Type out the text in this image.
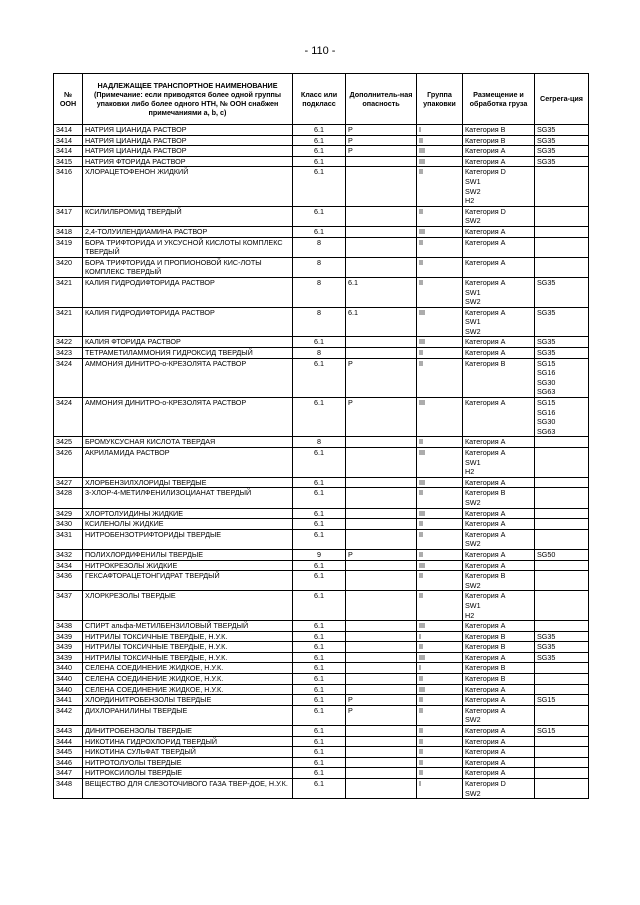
- 110 -
№ ООН	НАДЛЕЖАЩЕЕ ТРАНСПОРТНОЕ НАИМЕНОВАНИЕ
(Примечание: если приводятся более одной группы упаковки либо более одного НТН, № ООН снабжен примечаниями a, b, c)	Класс или подкласс	Дополнитель-ная опасность	Группа упаковки	Размещение и обработка груза	Сегрега-ция
3414	НАТРИЯ ЦИАНИДА РАСТВОР	6.1	P	I	Категория B	SG35

3414	НАТРИЯ ЦИАНИДА РАСТВОР	6.1	P	II	Категория B	SG35

3414	НАТРИЯ ЦИАНИДА РАСТВОР	6.1	P	III	Категория A	SG35

3415	НАТРИЯ ФТОРИДА РАСТВОР	6.1		III	Категория A	SG35

3416	ХЛОРАЦЕТОФЕНОН ЖИДКИЙ	6.1		II	Категория D
SW1
SW2
H2	

3417	КСИЛИЛБРОМИД ТВЕРДЫЙ	6.1		II	Категория D
SW2	

3418	2,4-ТОЛУИЛЕНДИАМИНА РАСТВОР	6.1		III	Категория A	

3419	БОРА ТРИФТОРИДА И УКСУСНОЙ КИСЛОТЫ КОМПЛЕКС ТВЕРДЫЙ	8		II	Категория A	

3420	БОРА ТРИФТОРИДА И ПРОПИОНОВОЙ КИС-ЛОТЫ КОМПЛЕКС ТВЕРДЫЙ	8		II	Категория A	

3421	КАЛИЯ ГИДРОДИФТОРИДА РАСТВОР	8	6.1	II	Категория A
SW1
SW2	SG35

3421	КАЛИЯ ГИДРОДИФТОРИДА РАСТВОР	8	6.1	III	Категория A
SW1
SW2	SG35

3422	КАЛИЯ ФТОРИДА РАСТВОР	6.1		III	Категория A	SG35

3423	ТЕТРАМЕТИЛАММОНИЯ ГИДРОКСИД ТВЕРДЫЙ	8		II	Категория A	SG35

3424	АММОНИЯ ДИНИТРО-о-КРЕЗОЛЯТА РАСТВОР	6.1	P	II	Категория B	SG15
SG16
SG30
SG63

3424	АММОНИЯ ДИНИТРО-о-КРЕЗОЛЯТА РАСТВОР	6.1	P	III	Категория A	SG15
SG16
SG30
SG63

3425	БРОМУКСУСНАЯ КИСЛОТА ТВЕРДАЯ	8		II	Категория A	

3426	АКРИЛАМИДА РАСТВОР	6.1		III	Категория A
SW1
H2	

3427	ХЛОРБЕНЗИЛХЛОРИДЫ ТВЕРДЫЕ	6.1		III	Категория A	

3428	3-ХЛОР-4-МЕТИЛФЕНИЛИЗОЦИАНАТ ТВЕРДЫЙ	6.1		II	Категория B
SW2	

3429	ХЛОРТОЛУИДИНЫ ЖИДКИЕ	6.1		III	Категория A	

3430	КСИЛЕНОЛЫ ЖИДКИЕ	6.1		II	Категория A	

3431	НИТРОБЕНЗОТРИФТОРИДЫ ТВЕРДЫЕ	6.1		II	Категория A
SW2	

3432	ПОЛИХЛОРДИФЕНИЛЫ ТВЕРДЫЕ	9	P	II	Категория A	SG50

3434	НИТРОКРЕЗОЛЫ ЖИДКИЕ	6.1		III	Категория A	

3436	ГЕКСАФТОРАЦЕТОНГИДРАТ ТВЕРДЫЙ	6.1		II	Категория B
SW2	

3437	ХЛОРКРЕЗОЛЫ ТВЕРДЫЕ	6.1		II	Категория A
SW1
H2	

3438	СПИРТ альфа-МЕТИЛБЕНЗИЛОВЫЙ ТВЕРДЫЙ	6.1		III	Категория A	

3439	НИТРИЛЫ ТОКСИЧНЫЕ ТВЕРДЫЕ, Н.У.К.	6.1		I	Категория B	SG35

3439	НИТРИЛЫ ТОКСИЧНЫЕ ТВЕРДЫЕ, Н.У.К.	6.1		II	Категория B	SG35

3439	НИТРИЛЫ ТОКСИЧНЫЕ ТВЕРДЫЕ, Н.У.К.	6.1		III	Категория A	SG35

3440	СЕЛЕНА СОЕДИНЕНИЕ ЖИДКОЕ, Н.У.К.	6.1		I	Категория B	

3440	СЕЛЕНА СОЕДИНЕНИЕ ЖИДКОЕ, Н.У.К.	6.1		II	Категория B	

3440	СЕЛЕНА СОЕДИНЕНИЕ ЖИДКОЕ, Н.У.К.	6.1		III	Категория A	

3441	ХЛОРДИНИТРОБЕНЗОЛЫ ТВЕРДЫЕ	6.1	P	II	Категория A	SG15

3442	ДИХЛОРАНИЛИНЫ ТВЕРДЫЕ	6.1	P	II	Категория A
SW2	

3443	ДИНИТРОБЕНЗОЛЫ ТВЕРДЫЕ	6.1		II	Категория A	SG15

3444	НИКОТИНА ГИДРОХЛОРИД ТВЕРДЫЙ	6.1		II	Категория A	

3445	НИКОТИНА СУЛЬФАТ ТВЕРДЫЙ	6.1		II	Категория A	

3446	НИТРОТОЛУОЛЫ ТВЕРДЫЕ	6.1		II	Категория A	

3447	НИТРОКСИЛОЛЫ ТВЕРДЫЕ	6.1		II	Категория A	

3448	ВЕЩЕСТВО ДЛЯ СЛЕЗОТОЧИВОГО ГАЗА ТВЕР-ДОЕ, Н.У.К.	6.1		I	Категория D
SW2	
